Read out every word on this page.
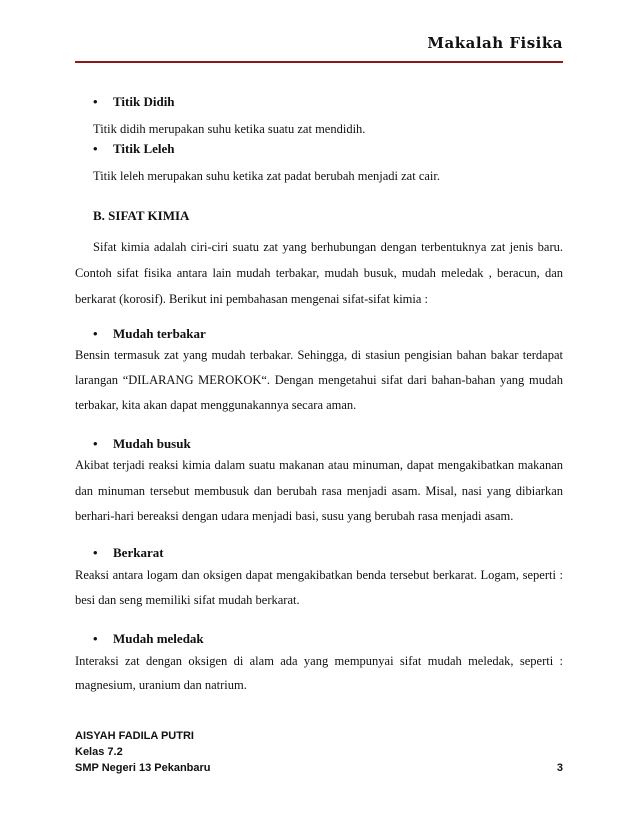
Makalah Fisika
• Titik Didih
Titik didih merupakan suhu ketika suatu zat mendidih.
• Titik Leleh
Titik leleh merupakan suhu ketika zat padat berubah menjadi zat cair.
B. SIFAT KIMIA
Sifat kimia adalah ciri-ciri suatu zat yang berhubungan dengan terbentuknya zat jenis baru.
Contoh sifat fisika antara lain mudah terbakar, mudah busuk, mudah meledak , beracun, dan
berkarat (korosif). Berikut ini pembahasan mengenai sifat-sifat kimia :
• Mudah terbakar
Bensin termasuk zat yang mudah terbakar. Sehingga, di stasiun pengisian bahan bakar terdapat
larangan “DILARANG MEROKOK“. Dengan mengetahui sifat dari bahan-bahan yang mudah
terbakar, kita akan dapat menggunakannya secara aman.
• Mudah busuk
Akibat terjadi reaksi kimia dalam suatu makanan atau minuman, dapat mengakibatkan makanan
dan minuman tersebut membusuk dan berubah rasa menjadi asam. Misal, nasi yang dibiarkan
berhari-hari bereaksi dengan udara menjadi basi, susu yang berubah rasa menjadi asam.
• Berkarat
Reaksi antara logam dan oksigen dapat mengakibatkan benda tersebut berkarat. Logam, seperti :
besi dan seng memiliki sifat mudah berkarat.
• Mudah meledak
Interaksi zat dengan oksigen di alam ada yang mempunyai sifat mudah meledak, seperti :
magnesium, uranium dan natrium.
AISYAH FADILA PUTRI
Kelas 7.2
SMP Negeri 13 Pekanbaru	3
